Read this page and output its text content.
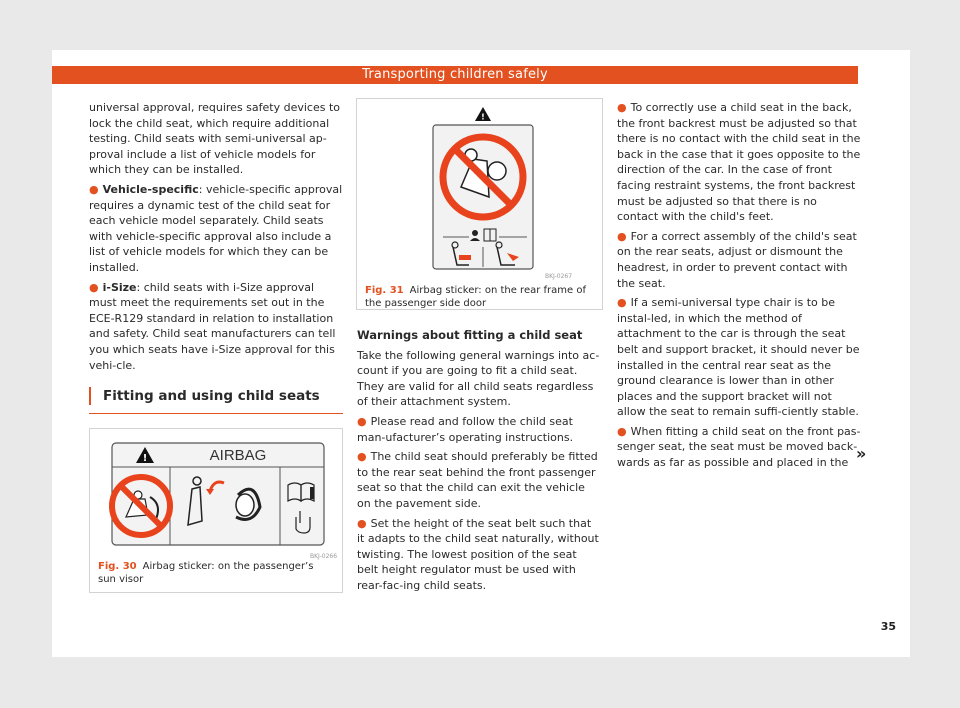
Transporting children safely

universal approval, requires safety devices to lock the child seat, which require additional testing. Child seats with semi-universal ap-proval include a list of vehicle models for which they can be installed.

● Vehicle-specific: vehicle-specific approval requires a dynamic test of the child seat for each vehicle model separately. Child seats with vehicle-specific approval also include a list of vehicle models for which they can be installed.

● i-Size: child seats with i-Size approval must meet the requirements set out in the ECE-R129 standard in relation to installation and safety. Child seat manufacturers can tell you which seats have i-Size approval for this vehi-cle.

Fitting and using child seats
!	AIRBAG
BKJ-0266
Fig. 30 Airbag sticker: on the passenger’s sun visor
!
BKJ-0267
Fig. 31 Airbag sticker: on the rear frame of the passenger side door
Warnings about fitting a child seat

Take the following general warnings into ac-count if you are going to fit a child seat. They are valid for all child seats regardless of their attachment system.

● Please read and follow the child seat man-ufacturer’s operating instructions.

● The child seat should preferably be fitted to the rear seat behind the front passenger seat so that the child can exit the vehicle on the pavement side.

● Set the height of the seat belt such that it adapts to the child seat naturally, without twisting. The lowest position of the seat belt height regulator must be used with rear-fac-ing child seats.

● To correctly use a child seat in the back, the front backrest must be adjusted so that there is no contact with the child seat in the back in the case that it goes opposite to the direction of the car. In the case of front facing restraint systems, the front backrest must be adjusted so that there is no contact with the child's feet.

● For a correct assembly of the child's seat on the rear seats, adjust or dismount the headrest, in order to prevent contact with the seat.

● If a semi-universal type chair is to be instal-led, in which the method of attachment to the car is through the seat belt and support bracket, it should never be installed in the central rear seat as the ground clearance is lower than in other places and the support bracket will not allow the seat to remain suffi-ciently stable.

● When fitting a child seat on the front pas-senger seat, the seat must be moved back-wards as far as possible and placed in the »
35
